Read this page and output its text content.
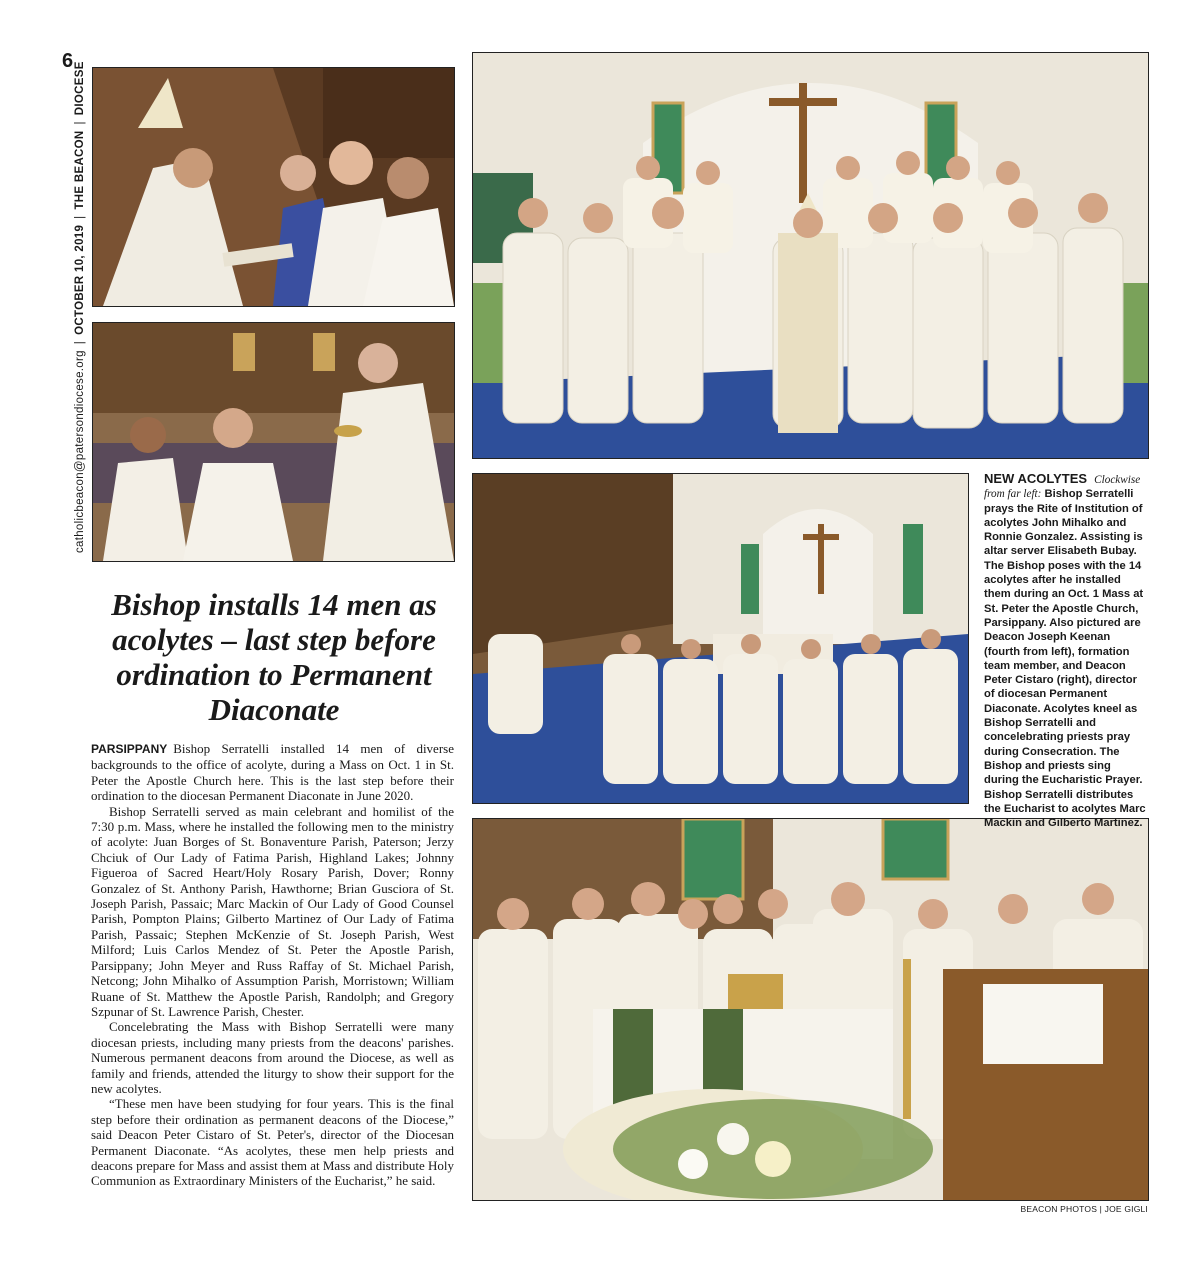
6
catholicbeacon@patersondiocese.org|OCTOBER 10, 2019|THE BEACON|DIOCESE
Bishop installs 14 men as acolytes – last step before ordination to Permanent Diaconate

PARSIPPANY Bishop Serratelli installed 14 men of diverse backgrounds to the office of acolyte, during a Mass on Oct. 1 in St. Peter the Apostle Church here. This is the last step before their ordination to the diocesan Permanent Diaconate in June 2020.

Bishop Serratelli served as main celebrant and homilist of the 7:30 p.m. Mass, where he installed the following men to the ministry of acolyte: Juan Borges of St. Bonaventure Parish, Paterson; Jerzy Chciuk of Our Lady of Fatima Parish, Highland Lakes; Johnny Figueroa of Sacred Heart/Holy Rosary Parish, Dover; Ronny Gonzalez of St. Anthony Parish, Hawthorne; Brian Gusciora of St. Joseph Parish, Passaic; Marc Mackin of Our Lady of Good Counsel Parish, Pompton Plains; Gilberto Martinez of Our Lady of Fatima Parish, Passaic; Stephen McKenzie of St. Joseph Parish, West Milford; Luis Carlos Mendez of St. Peter the Apostle Parish, Parsippany; John Meyer and Russ Raffay of St. Michael Parish, Netcong; John Mihalko of Assumption Parish, Morristown; William Ruane of St. Matthew the Apostle Parish, Randolph; and Gregory Szpunar of St. Lawrence Parish, Chester.

Concelebrating the Mass with Bishop Serratelli were many diocesan priests, including many priests from the deacons' parishes. Numerous permanent deacons from around the Diocese, as well as family and friends, attended the liturgy to show their support for the new acolytes.

“These men have been studying for four years. This is the final step before their ordination as permanent deacons of the Diocese,” said Deacon Peter Cistaro of St. Peter's, director of the Diocesan Permanent Diaconate. “As acolytes, these men help priests and deacons prepare for Mass and assist them at Mass and distribute Holy Communion as Extraordinary Ministers of the Eucharist,” he said.

NEW ACOLYTES Clockwise from far left: Bishop Serratelli prays the Rite of Institution of acolytes John Mihalko and Ronnie Gonzalez. Assisting is altar server Elisabeth Bubay. The Bishop poses with the 14 acolytes after he installed them during an Oct. 1 Mass at St. Peter the Apostle Church, Parsippany. Also pictured are Deacon Joseph Keenan (fourth from left), formation team member, and Deacon Peter Cistaro (right), director of diocesan Permanent Diaconate. Acolytes kneel as Bishop Serratelli and concelebrating priests pray during Consecration. The Bishop and priests sing during the Eucharistic Prayer. Bishop Serratelli distributes the Eucharist to acolytes Marc Mackin and Gilberto Martinez.
BEACON PHOTOS | JOE GIGLI
